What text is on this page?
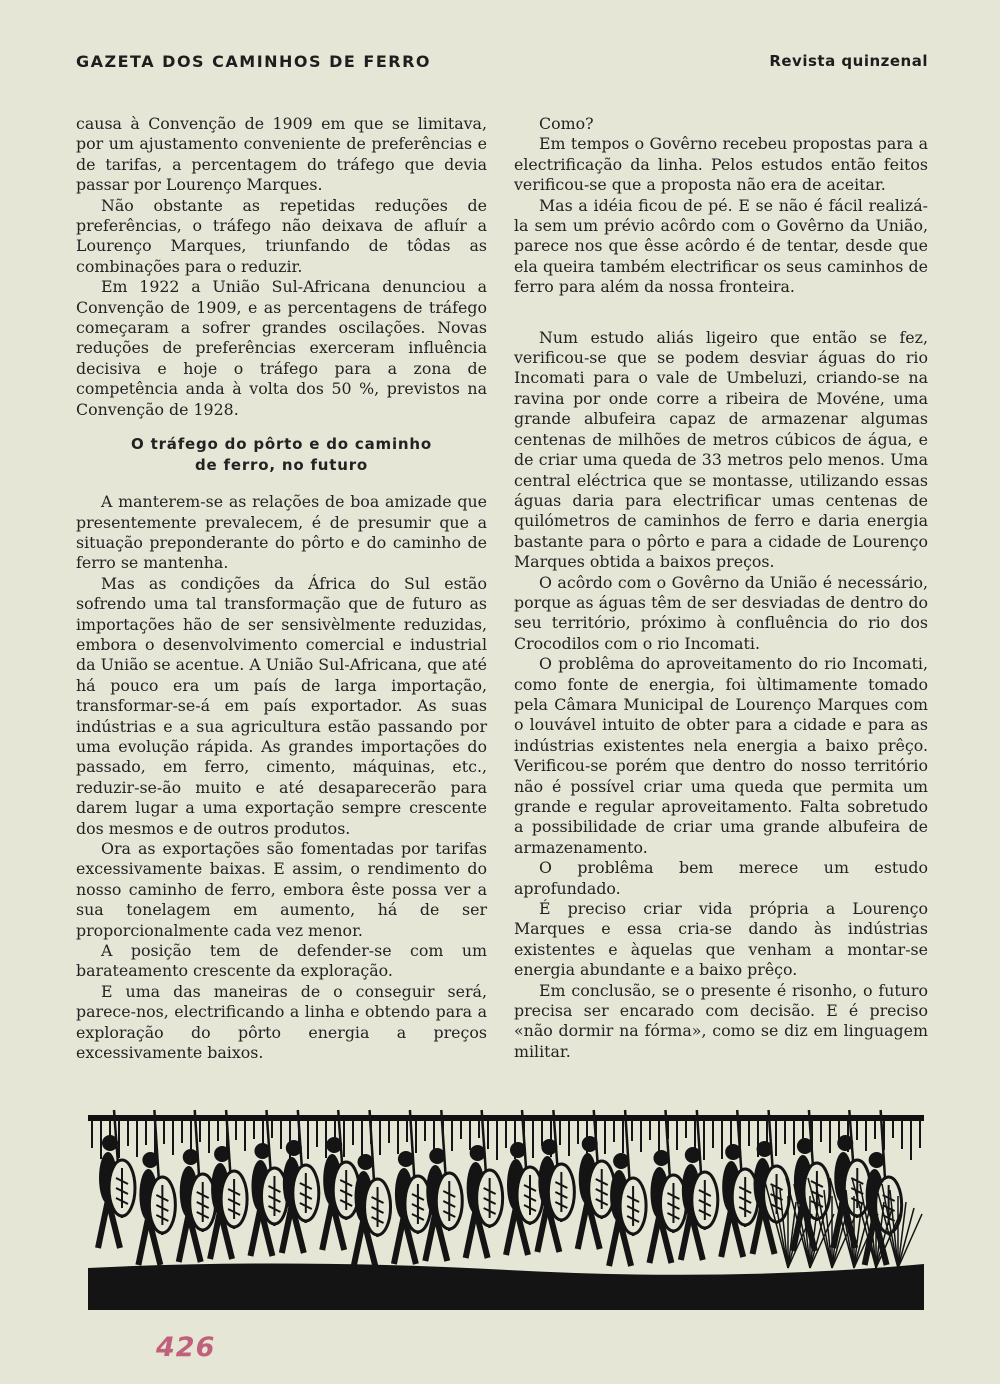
GAZETA DOS CAMINHOS DE FERRO	Revista quinzenal

causa à Convenção de 1909 em que se limitava, por um ajustamento conveniente de preferências e de tarifas, a percentagem do tráfego que devia passar por Lourenço Marques.

Não obstante as repetidas reduções de preferências, o tráfego não deixava de afluír a Lourenço Marques, triunfando de tôdas as combinações para o reduzir.

Em 1922 a União Sul-Africana denunciou a Convenção de 1909, e as percentagens de tráfego começaram a sofrer grandes oscilações. Novas reduções de preferências exerceram influência decisiva e hoje o tráfego para a zona de competência anda à volta dos 50 %, previstos na Convenção de 1928.

O tráfego do pôrto e do caminho
de ferro, no futuro

A manterem-se as relações de boa amizade que presentemente prevalecem, é de presumir que a situação preponderante do pôrto e do caminho de ferro se mantenha.

Mas as condições da África do Sul estão sofrendo uma tal transformação que de futuro as importações hão de ser sensivèlmente reduzidas, embora o desenvolvimento comercial e industrial da União se acentue. A União Sul-Africana, que até há pouco era um país de larga importação, transformar-se-á em país exportador. As suas indústrias e a sua agricultura estão passando por uma evolução rápida. As grandes importações do passado, em ferro, cimento, máquinas, etc., reduzir-se-ão muito e até desaparecerão para darem lugar a uma exportação sempre crescente dos mesmos e de outros produtos.

Ora as exportações são fomentadas por tarifas excessivamente baixas. E assim, o rendimento do nosso caminho de ferro, embora êste possa ver a sua tonelagem em aumento, há de ser proporcionalmente cada vez menor.

A posição tem de defender-se com um barateamento crescente da exploração.

E uma das maneiras de o conseguir será, parece-nos, electrificando a linha e obtendo para a exploração do pôrto energia a preços excessivamente baixos.

Como?

Em tempos o Govêrno recebeu propostas para a electrificação da linha. Pelos estudos então feitos verificou-se que a proposta não era de aceitar.

Mas a idéia ficou de pé. E se não é fácil realizá-la sem um prévio acôrdo com o Govêrno da União, parece nos que êsse acôrdo é de tentar, desde que ela queira também electrificar os seus caminhos de ferro para além da nossa fronteira.

Num estudo aliás ligeiro que então se fez, verificou-se que se podem desviar águas do rio Incomati para o vale de Umbeluzi, criando-se na ravina por onde corre a ribeira de Movéne, uma grande albufeira capaz de armazenar algumas centenas de milhões de metros cúbicos de água, e de criar uma queda de 33 metros pelo menos. Uma central eléctrica que se montasse, utilizando essas águas daria para electrificar umas centenas de quilómetros de caminhos de ferro e daria energia bastante para o pôrto e para a cidade de Lourenço Marques obtida a baixos preços.

O acôrdo com o Govêrno da União é necessário, porque as águas têm de ser desviadas de dentro do seu território, próximo à confluência do rio dos Crocodilos com o rio Incomati.

O problêma do aproveitamento do rio Incomati, como fonte de energia, foi ùltimamente tomado pela Câmara Municipal de Lourenço Marques com o louvável intuito de obter para a cidade e para as indústrias existentes nela energia a baixo prêço. Verificou-se porém que dentro do nosso território não é possível criar uma queda que permita um grande e regular aproveitamento. Falta sobretudo a possibilidade de criar uma grande albufeira de armazenamento.

O problêma bem merece um estudo aprofundado.

É preciso criar vida própria a Lourenço Marques e essa cria-se dando às indústrias existentes e àquelas que venham a montar-se energia abundante e a baixo prêço.

Em conclusão, se o presente é risonho, o futuro precisa ser encarado com decisão. E é preciso «não dormir na fórma», como se diz em linguagem militar.

426
